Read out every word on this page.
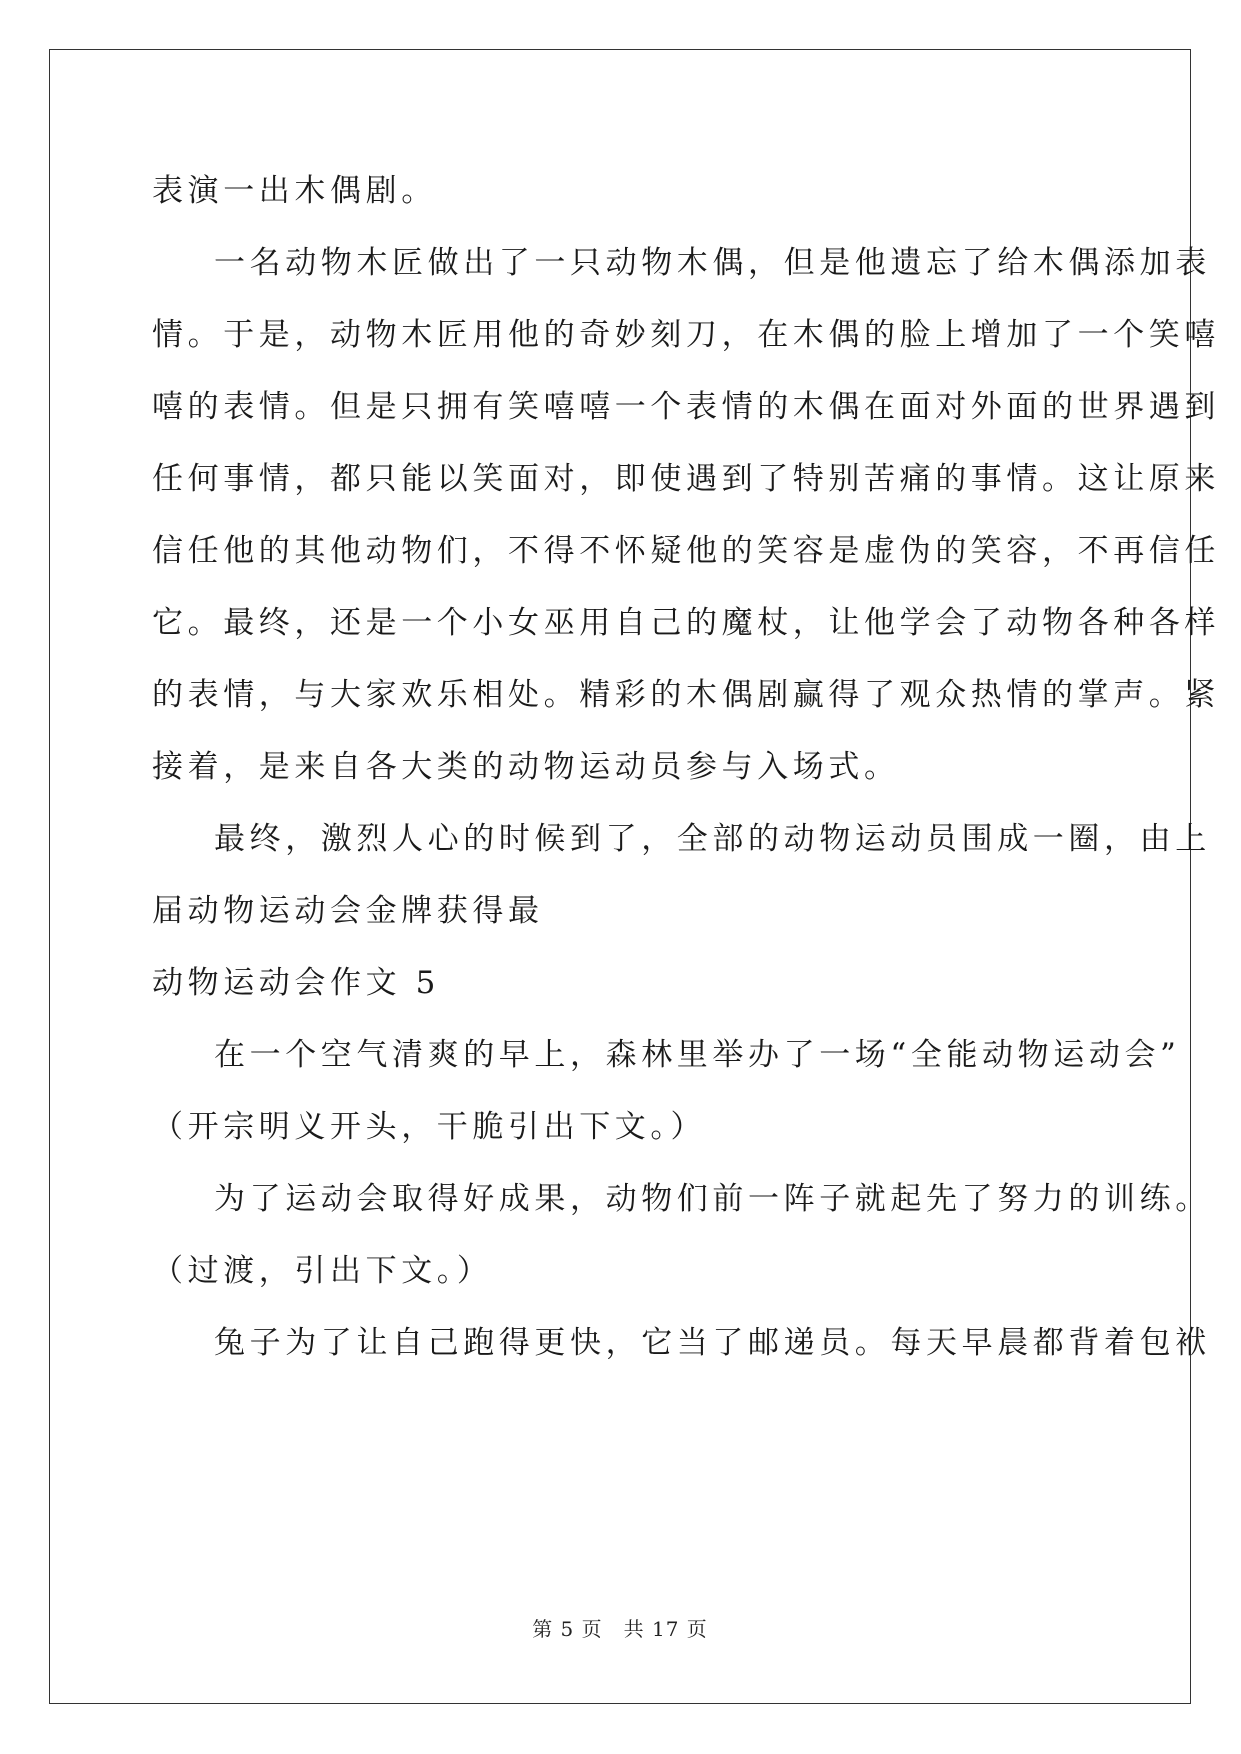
表演一出木偶剧。
一名动物木匠做出了一只动物木偶，但是他遗忘了给木偶添加表
情。于是，动物木匠用他的奇妙刻刀，在木偶的脸上增加了一个笑嘻
嘻的表情。但是只拥有笑嘻嘻一个表情的木偶在面对外面的世界遇到
任何事情，都只能以笑面对，即使遇到了特别苦痛的事情。这让原来
信任他的其他动物们，不得不怀疑他的笑容是虚伪的笑容，不再信任
它。最终，还是一个小女巫用自己的魔杖，让他学会了动物各种各样
的表情，与大家欢乐相处。精彩的木偶剧赢得了观众热情的掌声。紧
接着，是来自各大类的动物运动员参与入场式。
最终，激烈人心的时候到了，全部的动物运动员围成一圈，由上
届动物运动会金牌获得最
动物运动会作文 5
在一个空气清爽的早上，森林里举办了一场“全能动物运动会”
（开宗明义开头，干脆引出下文。）
为了运动会取得好成果，动物们前一阵子就起先了努力的训练。
（过渡，引出下文。）
兔子为了让自己跑得更快，它当了邮递员。每天早晨都背着包袱
第 5 页　共 17 页
